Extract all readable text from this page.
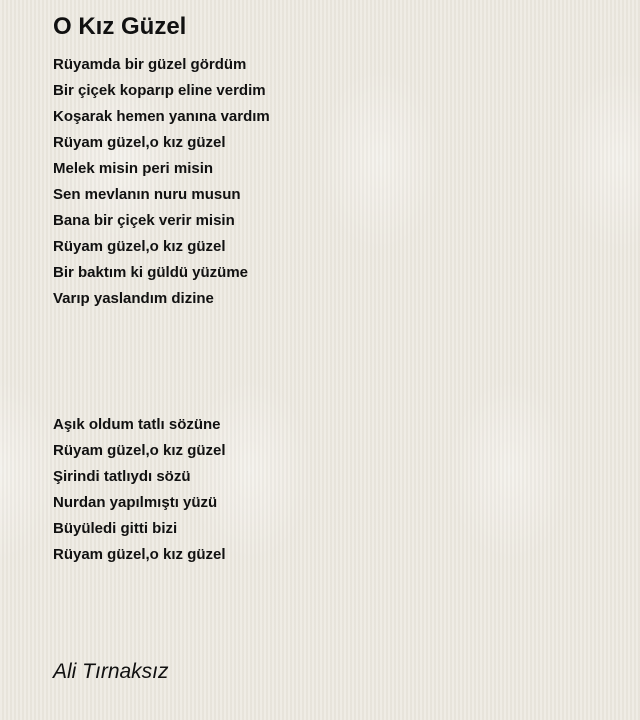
O Kız Güzel
Rüyamda bir güzel gördüm
Bir çiçek koparıp eline verdim
Koşarak hemen yanına vardım
Rüyam güzel,o kız güzel
Melek misin peri misin
Sen mevlanın nuru musun
Bana bir çiçek verir misin
Rüyam güzel,o kız güzel
Bir baktım ki güldü yüzüme
Varıp yaslandım dizine
Aşık oldum tatlı sözüne
Rüyam güzel,o kız güzel
Şirindi tatlıydı sözü
Nurdan yapılmıştı yüzü
Büyüledi gitti bizi
Rüyam güzel,o kız güzel
Ali Tırnaksız
